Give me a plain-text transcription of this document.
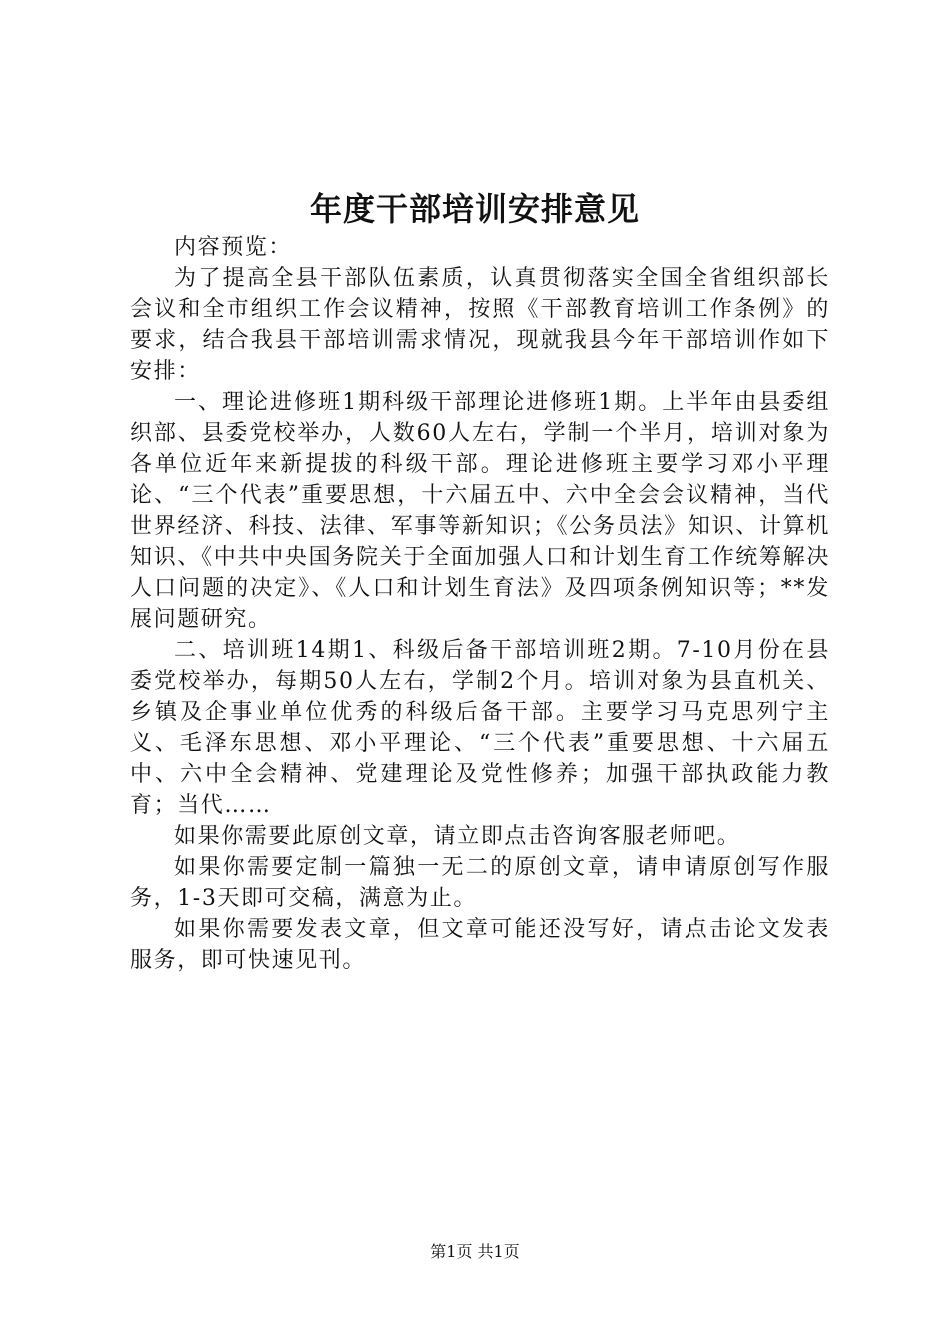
年度干部培训安排意见

内容预览：

为了提高全县干部队伍素质，认真贯彻落实全国全省组织部长会议和全市组织工作会议精神，按照《干部教育培训工作条例》的要求，结合我县干部培训需求情况，现就我县今年干部培训作如下安排：

一、理论进修班1期科级干部理论进修班1期。上半年由县委组织部、县委党校举办，人数60人左右，学制一个半月，培训对象为各单位近年来新提拔的科级干部。理论进修班主要学习邓小平理论、“三个代表”重要思想，十六届五中、六中全会会议精神，当代世界经济、科技、法律、军事等新知识；《公务员法》知识、计算机知识、《中共中央国务院关于全面加强人口和计划生育工作统筹解决人口问题的决定》、《人口和计划生育法》及四项条例知识等；**发展问题研究。

二、培训班14期1、科级后备干部培训班2期。7-10月份在县委党校举办，每期50人左右，学制2个月。培训对象为县直机关、乡镇及企事业单位优秀的科级后备干部。主要学习马克思列宁主义、毛泽东思想、邓小平理论、“三个代表”重要思想、十六届五中、六中全会精神、党建理论及党性修养；加强干部执政能力教育；当代……

如果你需要此原创文章，请立即点击咨询客服老师吧。

如果你需要定制一篇独一无二的原创文章，请申请原创写作服务，1-3天即可交稿，满意为止。

如果你需要发表文章，但文章可能还没写好，请点击论文发表服务，即可快速见刊。

第1页 共1页
